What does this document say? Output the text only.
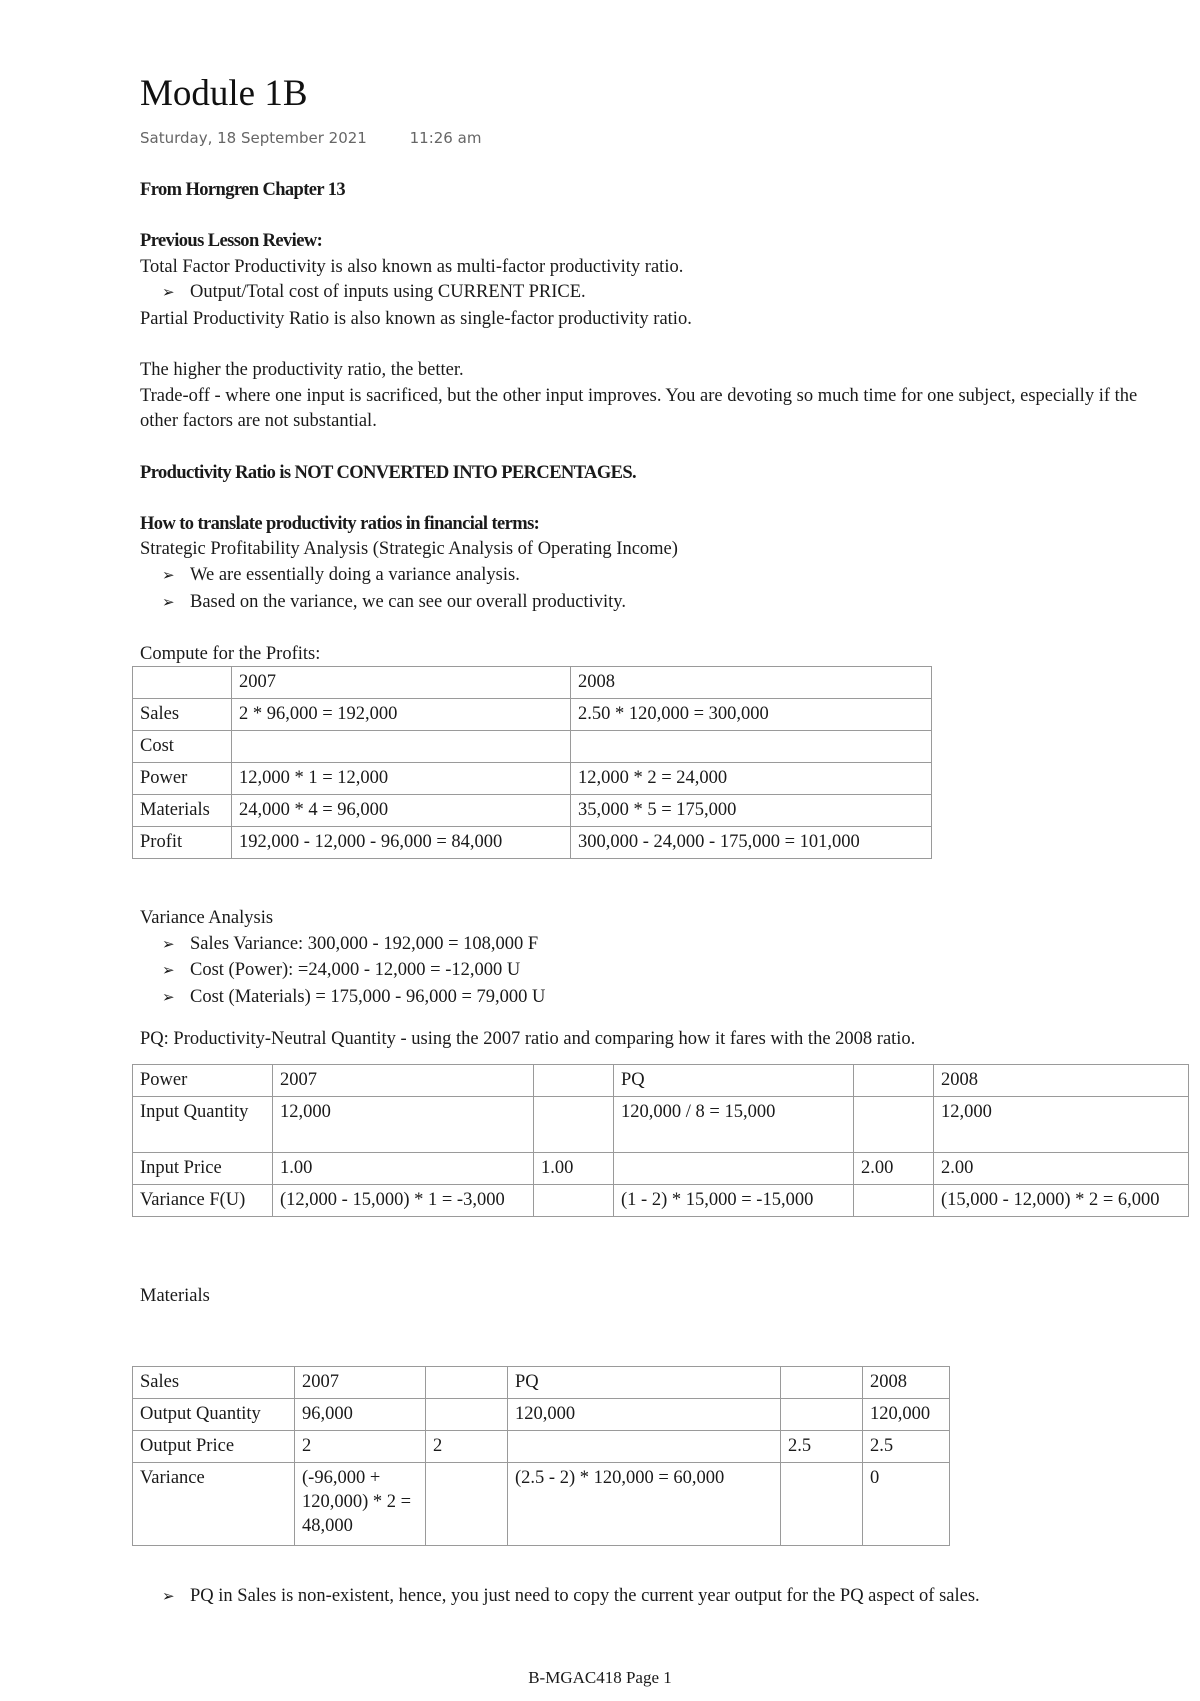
Module 1B
Saturday, 18 September 2021	11:26 am
From Horngren Chapter 13
Previous Lesson Review:
Total Factor Productivity is also known as multi-factor productivity ratio.
➢ Output/Total cost of inputs using CURRENT PRICE.
Partial Productivity Ratio is also known as single-factor productivity ratio.
The higher the productivity ratio, the better.
Trade-off - where one input is sacrificed, but the other input improves. You are devoting so much time for one subject, especially if the other factors are not substantial.
Productivity Ratio is NOT CONVERTED INTO PERCENTAGES.
How to translate productivity ratios in financial terms:
Strategic Profitability Analysis (Strategic Analysis of Operating Income)
➢ We are essentially doing a variance analysis.
➢ Based on the variance, we can see our overall productivity.
Compute for the Profits:
	2007	2008
Sales	2 * 96,000 = 192,000	2.50 * 120,000 = 300,000
Cost		
Power	12,000 * 1 = 12,000	12,000 * 2 = 24,000
Materials	24,000 * 4 = 96,000	35,000 * 5 = 175,000
Profit	192,000 - 12,000 - 96,000 = 84,000	300,000 - 24,000 - 175,000 = 101,000
Variance Analysis
➢ Sales Variance: 300,000 - 192,000 = 108,000 F
➢ Cost (Power): =24,000 - 12,000 = -12,000 U
➢ Cost (Materials) = 175,000 - 96,000 = 79,000 U
PQ: Productivity-Neutral Quantity - using the 2007 ratio and comparing how it fares with the 2008 ratio.
Power	2007		PQ		2008
Input Quantity	12,000		120,000 / 8 = 15,000		12,000
Input Price	1.00	1.00		2.00	2.00
Variance F(U)	(12,000 - 15,000) * 1 = -3,000		(1 - 2) * 15,000 = -15,000		(15,000 - 12,000) * 2 = 6,000
Materials
Sales	2007		PQ		2008
Output Quantity	96,000		120,000		120,000
Output Price	2	2		2.5	2.5
Variance	(-96,000 + 120,000) * 2 = 48,000		(2.5 - 2) * 120,000 = 60,000		0
➢ PQ in Sales is non-existent, hence, you just need to copy the current year output for the PQ aspect of sales.
B-MGAC418 Page 1
